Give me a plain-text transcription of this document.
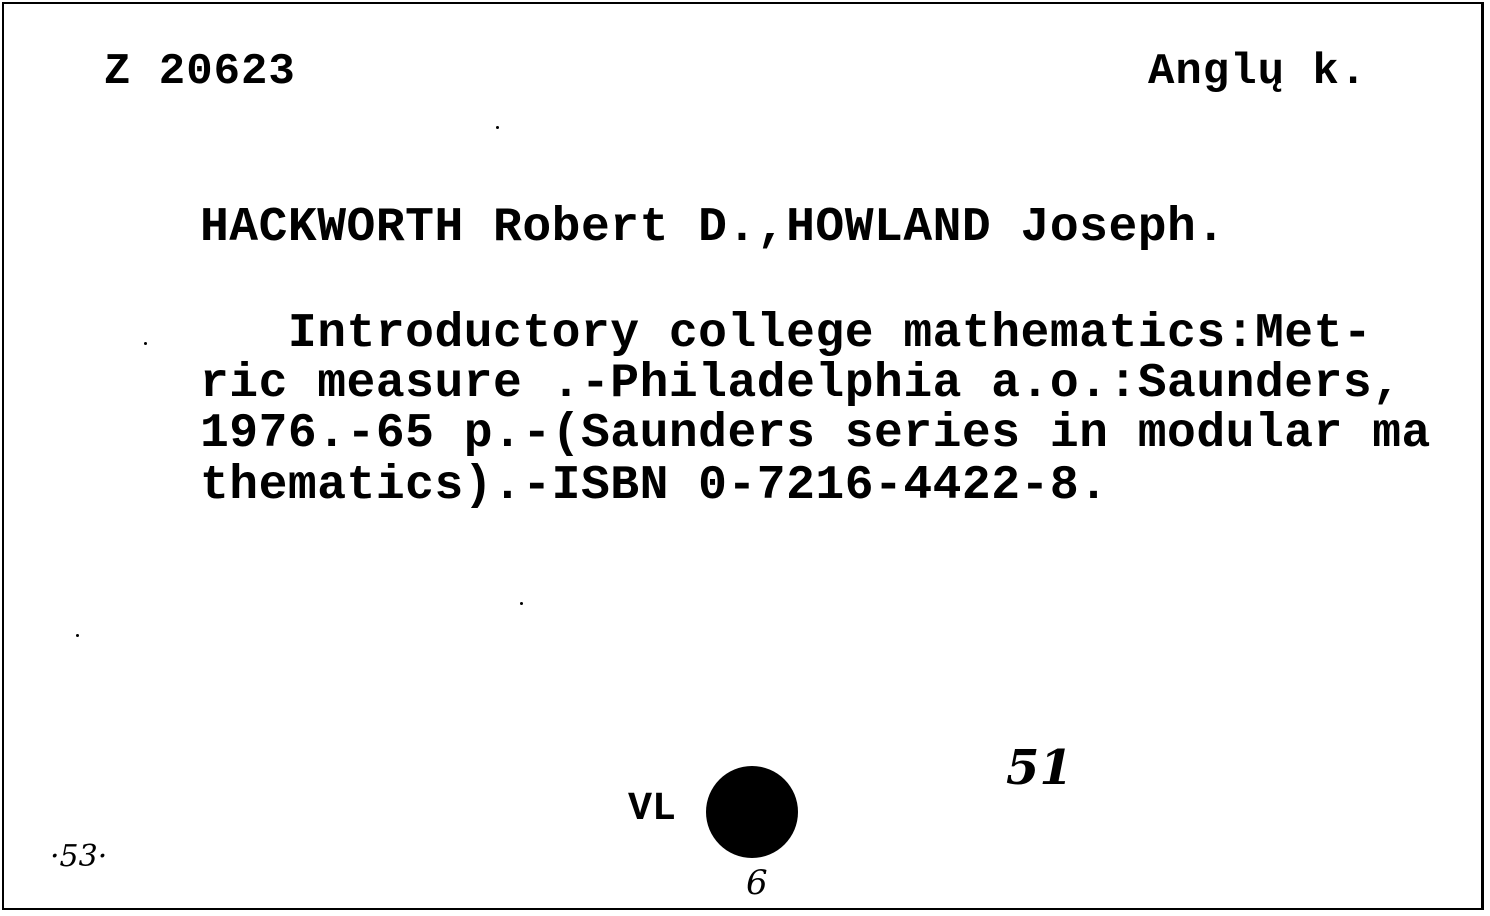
Z 20623	Anglų k.
HACKWORTH Robert D.,HOWLAND Joseph.
Introductory college mathematics:Met-
ric measure .-Philadelphia a.o.:Saunders,
1976.-65 p.-(Saunders series in modular ma
thematics).-ISBN 0-7216-4422-8.
VL
51
·53·
6
